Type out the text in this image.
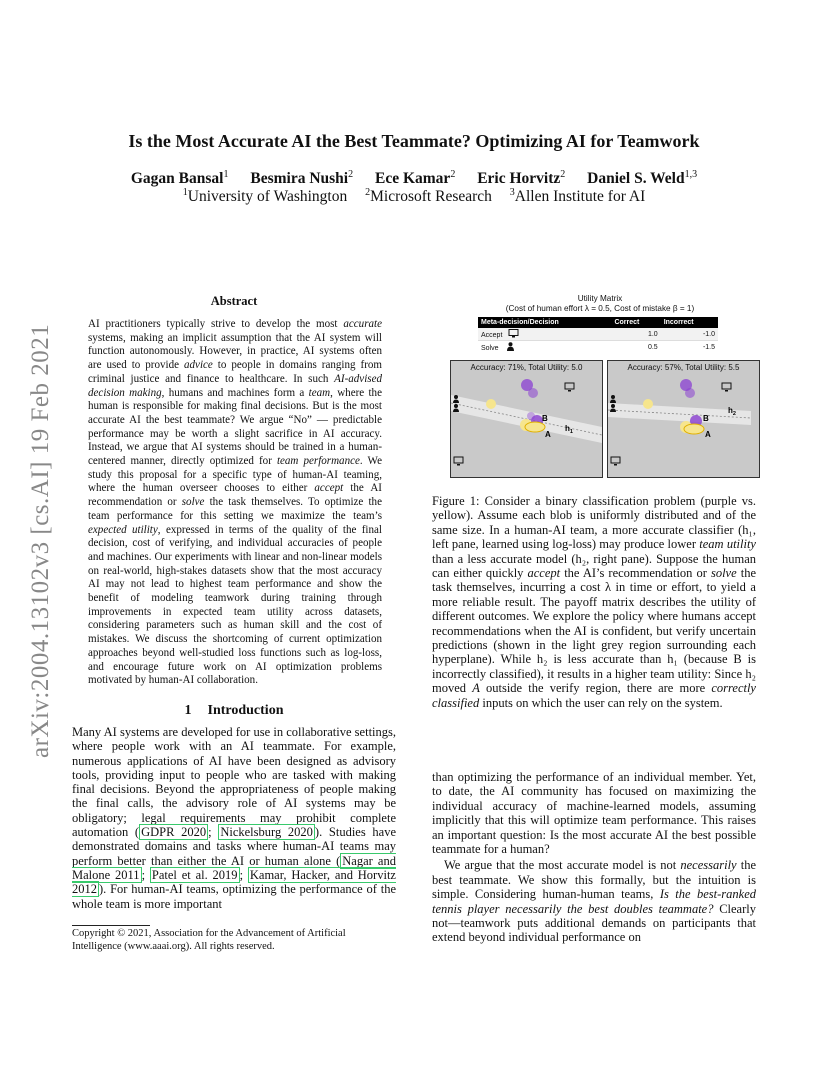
arXiv:2004.13102v3 [cs.AI] 19 Feb 2021
Is the Most Accurate AI the Best Teammate? Optimizing AI for Teamwork
Gagan Bansal$^1$ Besmira Nushi$^2$ Ece Kamar$^2$ Eric Horvitz$^2$ Daniel S. Weld$^{1,3}$
$^1$University of Washington $^2$Microsoft Research $^3$Allen Institute for AI
Abstract
AI practitioners typically strive to develop the most accurate systems, making an implicit assumption that the AI system will function autonomously. However, in practice, AI systems often are used to provide advice to people in domains ranging from criminal justice and finance to healthcare. In such AI-advised decision making, humans and machines form a team, where the human is responsible for making final decisions. But is the most accurate AI the best teammate? We argue “No” — predictable performance may be worth a slight sacrifice in AI accuracy. Instead, we argue that AI systems should be trained in a human-centered manner, directly optimized for team performance. We study this proposal for a specific type of human-AI teaming, where the human overseer chooses to either accept the AI recommendation or solve the task themselves. To optimize the team performance for this setting we maximize the team’s expected utility, expressed in terms of the quality of the final decision, cost of verifying, and individual accuracies of people and machines. Our experiments with linear and non-linear models on real-world, high-stakes datasets show that the most accuracy AI may not lead to highest team performance and show the benefit of modeling teamwork during training through improvements in expected team utility across datasets, considering parameters such as human skill and the cost of mistakes. We discuss the shortcoming of current optimization approaches beyond well-studied loss functions such as log-loss, and encourage future work on AI optimization problems motivated by human-AI collaboration.
1 Introduction
Many AI systems are developed for use in collaborative settings, where people work with an AI teammate. For example, numerous applications of AI have been designed as advisory tools, providing input to people who are tasked with making final decisions. Beyond the appropriateness of people making the final calls, the advisory role of AI systems may be obligatory; legal requirements may prohibit complete automation ( GDPR 2020 ; Nickelsburg 2020 ). Studies have demonstrated domains and tasks where human-AI teams may perform better than either the AI or human alone ( Nagar and Malone 2011 ; Patel et al. 2019 ; Kamar, Hacker, and Horvitz 2012 ). For human-AI teams, optimizing the performance of the whole team is more important
Copyright © 2021, Association for the Advancement of Artificial Intelligence (www.aaai.org). All rights reserved.
Utility Matrix
(Cost of human effort λ = 0.5, Cost of mistake β = 1)
Meta-decision/Decision	Correct	Incorrect
Accept	1.0	-1.0
Solve	0.5	-1.5
B
A
$h_1$
Accuracy: 71%, Total Utility: 5.0
B
A
$h_2$
Accuracy: 57%, Total Utility: 5.5
Figure 1: Consider a binary classification problem (purple vs. yellow). Assume each blob is uniformly distributed and of the same size. In a human-AI team, a more accurate classifier (h₁, left pane, learned using log-loss) may produce lower team utility than a less accurate model (h₂, right pane). Suppose the human can either quickly accept the AI’s recommendation or solve the task themselves, incurring a cost λ in time or effort, to yield a more reliable result. The payoff matrix describes the utility of different outcomes. We explore the policy where humans accept recommendations when the AI is confident, but verify uncertain predictions (shown in the light grey region surrounding each hyperplane). While h₂ is less accurate than h₁ (because B is incorrectly classified), it results in a higher team utility: Since h₂ moved A outside the verify region, there are more correctly classified inputs on which the user can rely on the system.

than optimizing the performance of an individual member. Yet, to date, the AI community has focused on maximizing the individual accuracy of machine-learned models, assuming implicitly that this will optimize team performance. This raises an important question: Is the most accurate AI the best possible teammate for a human?

We argue that the most accurate model is not necessarily the best teammate. We show this formally, but the intuition is simple. Considering human-human teams, Is the best-ranked tennis player necessarily the best doubles teammate? Clearly not—teamwork puts additional demands on participants that extend beyond individual performance on
